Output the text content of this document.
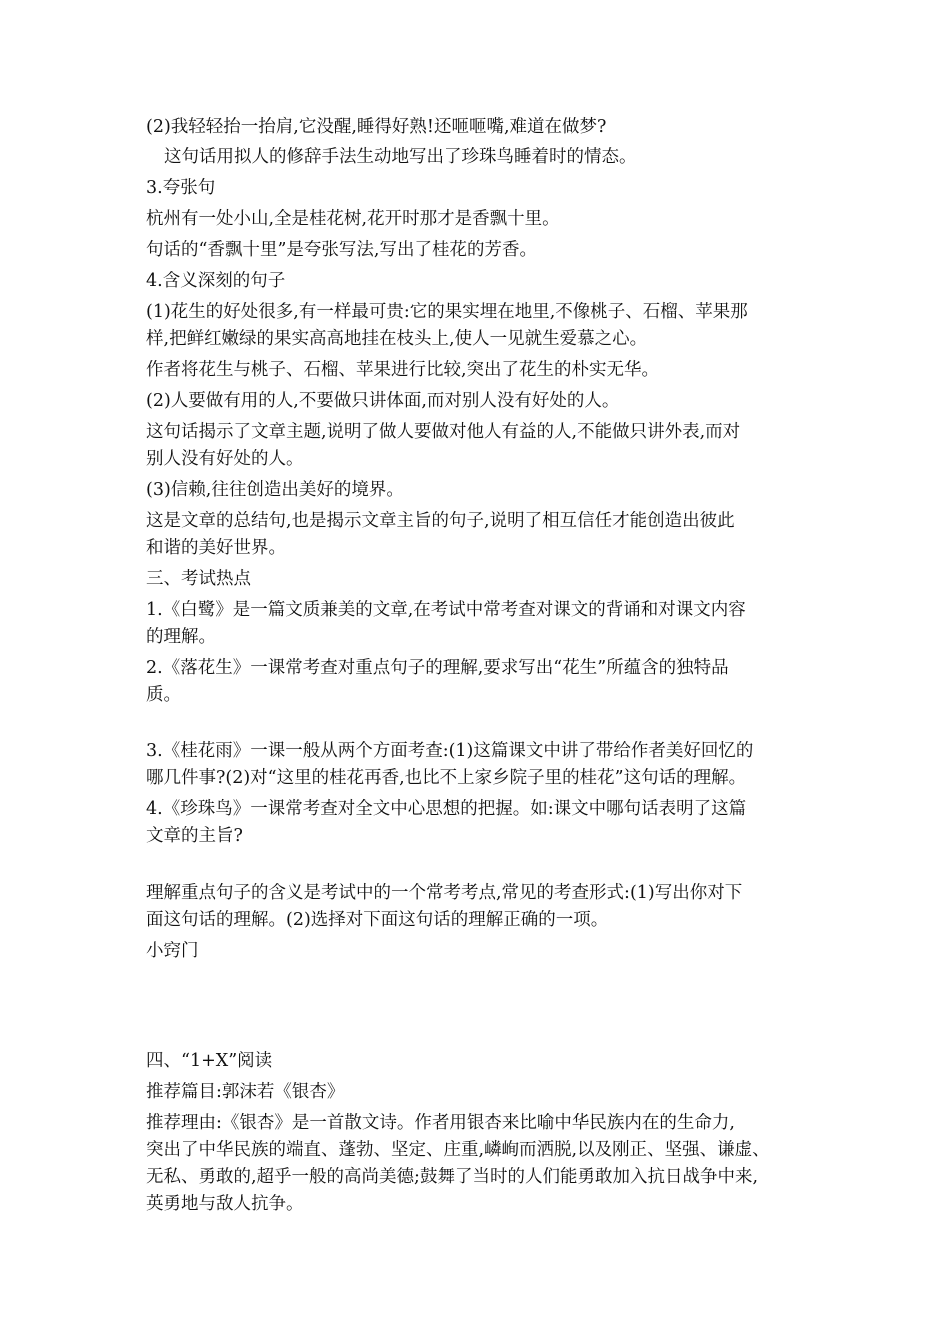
(2)我轻轻抬一抬肩,它没醒,睡得好熟!还咂咂嘴,难道在做梦?
这句话用拟人的修辞手法生动地写出了珍珠鸟睡着时的情态。
3.夸张句
杭州有一处小山,全是桂花树,花开时那才是香飘十里。
句话的“香飘十里”是夸张写法,写出了桂花的芳香。
4.含义深刻的句子
(1)花生的好处很多,有一样最可贵:它的果实埋在地里,不像桃子、石榴、苹果那
样,把鲜红嫩绿的果实高高地挂在枝头上,使人一见就生爱慕之心。
作者将花生与桃子、石榴、苹果进行比较,突出了花生的朴实无华。
(2)人要做有用的人,不要做只讲体面,而对别人没有好处的人。
这句话揭示了文章主题,说明了做人要做对他人有益的人,不能做只讲外表,而对
别人没有好处的人。
(3)信赖,往往创造出美好的境界。
这是文章的总结句,也是揭示文章主旨的句子,说明了相互信任才能创造出彼此
和谐的美好世界。
三、考试热点
1.《白鹭》是一篇文质兼美的文章,在考试中常考查对课文的背诵和对课文内容
的理解。
2.《落花生》一课常考查对重点句子的理解,要求写出“花生”所蕴含的独特品
质。
3.《桂花雨》一课一般从两个方面考查:(1)这篇课文中讲了带给作者美好回忆的
哪几件事?(2)对“这里的桂花再香,也比不上家乡院子里的桂花”这句话的理解。
4.《珍珠鸟》一课常考查对全文中心思想的把握。如:课文中哪句话表明了这篇
文章的主旨?
理解重点句子的含义是考试中的一个常考考点,常见的考查形式:(1)写出你对下
面这句话的理解。(2)选择对下面这句话的理解正确的一项。
小窍门
四、“1+X”阅读
推荐篇目:郭沫若《银杏》
推荐理由:《银杏》是一首散文诗。作者用银杏来比喻中华民族内在的生命力,
突出了中华民族的端直、蓬勃、坚定、庄重,嶙峋而洒脱,以及刚正、坚强、谦虚、
无私、勇敢的,超乎一般的高尚美德;鼓舞了当时的人们能勇敢加入抗日战争中来,
英勇地与敌人抗争。
